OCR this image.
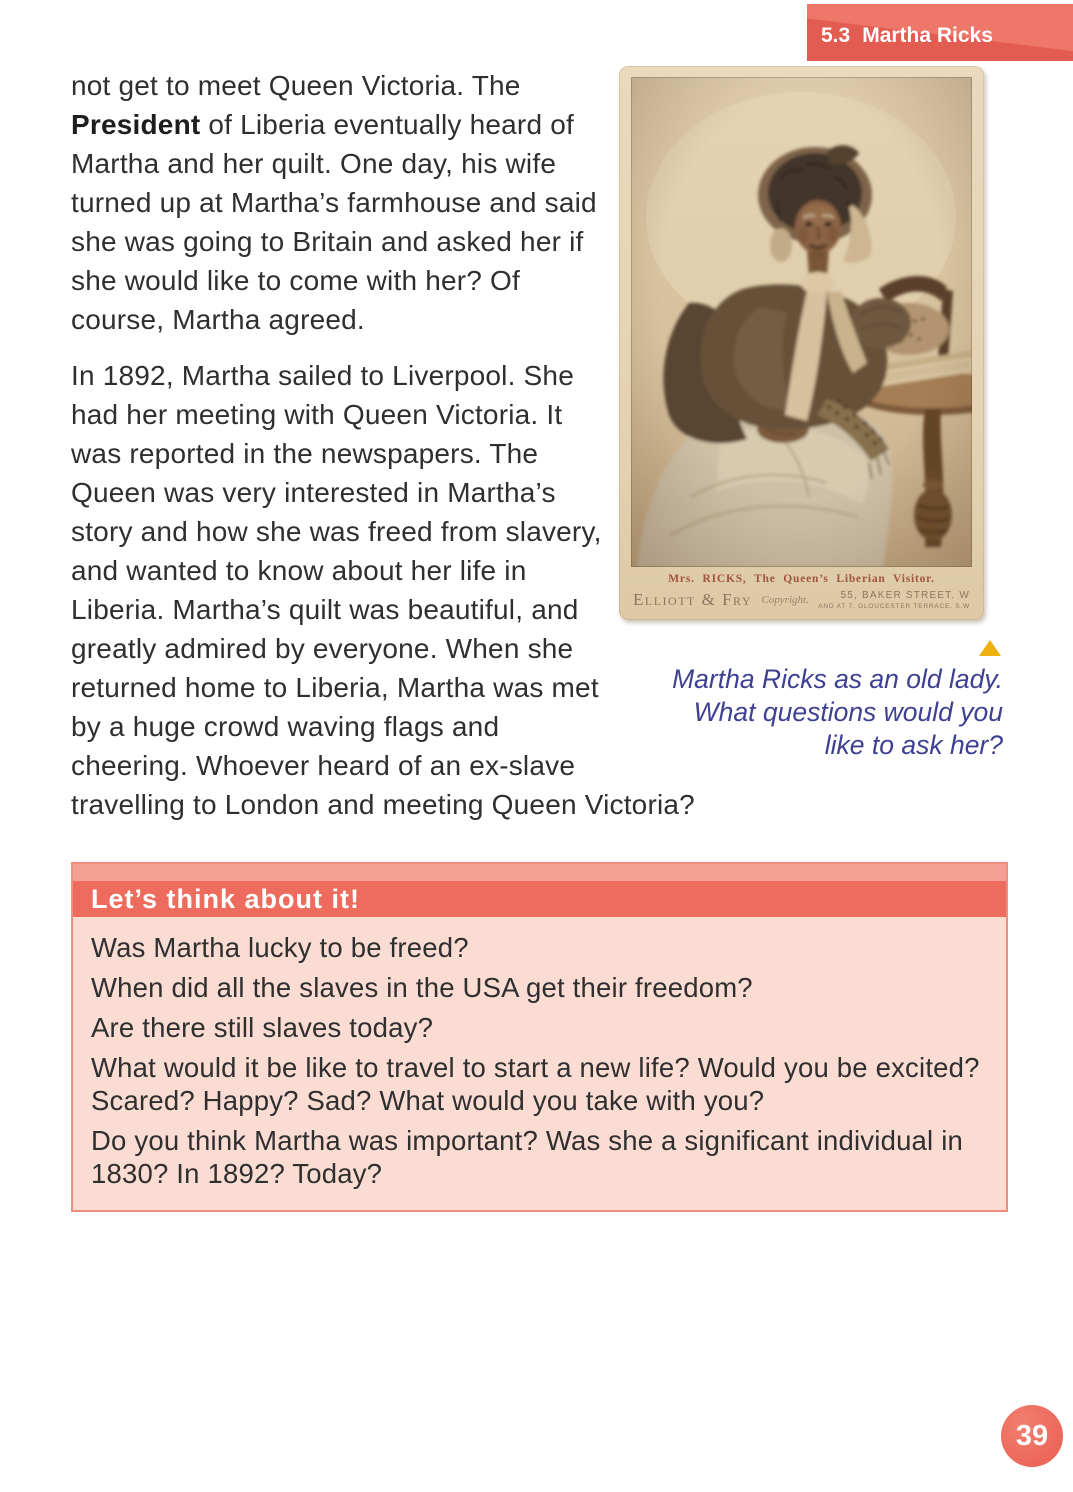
5.3 Martha Ricks
Mrs. RICKS, The Queen’s Liberian Visitor.
Elliott & Fry Copyright.	55, BAKER STREET. W
AND AT 7, GLOUCESTER TERRACE. S.W
Martha Ricks as an old lady.
What questions would you
like to ask her?

not get to meet Queen Victoria. The President of Liberia eventually heard of Martha and her quilt. One day, his wife turned up at Martha’s farmhouse and said she was going to Britain and asked her if she would like to come with her? Of course, Martha agreed.

In 1892, Martha sailed to Liverpool. She had her meeting with Queen Victoria. It was reported in the newspapers. The Queen was very interested in Martha’s story and how she was freed from slavery, and wanted to know about her life in Liberia. Martha’s quilt was beautiful, and greatly admired by everyone. When she returned home to Liberia, Martha was met by a huge crowd waving flags and cheering. Whoever heard of an ex-slave travelling to London and meeting Queen Victoria?

Let’s think about it!
Was Martha lucky to be freed?
When did all the slaves in the USA get their freedom?
Are there still slaves today?
What would it be like to travel to start a new life? Would you be excited? Scared? Happy? Sad? What would you take with you?
Do you think Martha was important? Was she a significant individual in 1830? In 1892? Today?
39
